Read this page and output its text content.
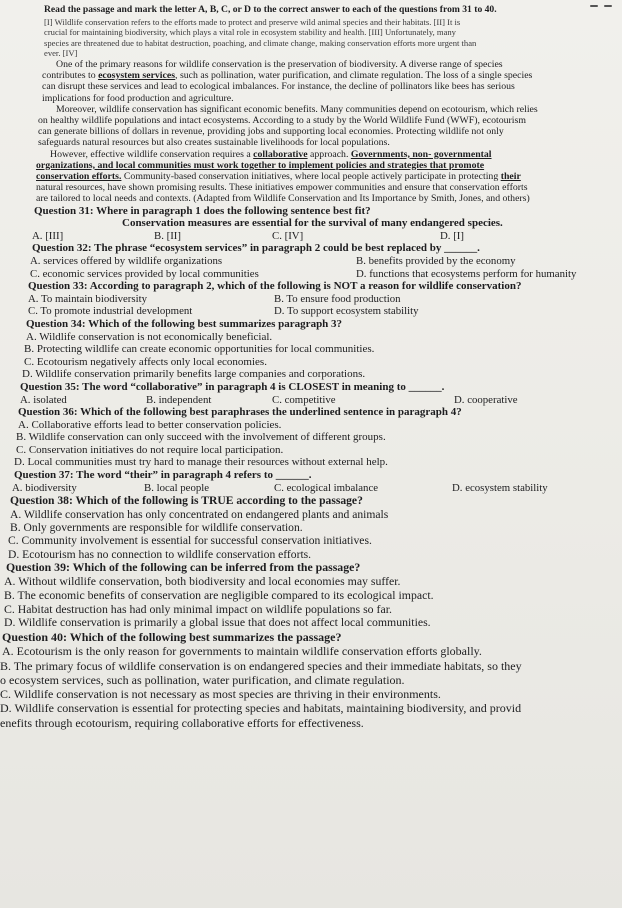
Read the passage and mark the letter A, B, C, or D to the correct answer to each of the questions from 31 to 40.
[I] Wildlife conservation refers to the efforts made to protect and preserve wild animal species and their habitats. [II] It is
crucial for maintaining biodiversity, which plays a vital role in ecosystem stability and health. [III] Unfortunately, many
species are threatened due to habitat destruction, poaching, and climate change, making conservation efforts more urgent than
ever. [IV]
One of the primary reasons for wildlife conservation is the preservation of biodiversity. A diverse range of species
contributes to ecosystem services, such as pollination, water purification, and climate regulation. The loss of a single species
can disrupt these services and lead to ecological imbalances. For instance, the decline of pollinators like bees has serious
implications for food production and agriculture.
Moreover, wildlife conservation has significant economic benefits. Many communities depend on ecotourism, which relies
on healthy wildlife populations and intact ecosystems. According to a study by the World Wildlife Fund (WWF), ecotourism
can generate billions of dollars in revenue, providing jobs and supporting local economies. Protecting wildlife not only
safeguards natural resources but also creates sustainable livelihoods for local populations.
However, effective wildlife conservation requires a collaborative approach. Governments, non- governmental
organizations, and local communities must work together to implement policies and strategies that promote
conservation efforts. Community-based conservation initiatives, where local people actively participate in protecting their
natural resources, have shown promising results. These initiatives empower communities and ensure that conservation efforts
are tailored to local needs and contexts. (Adapted from Wildlife Conservation and Its Importance by Smith, Jones, and others)
Question 31: Where in paragraph 1 does the following sentence best fit?
Conservation measures are essential for the survival of many endangered species.
A. [III]	B. [II]	C. [IV]	D. [I]
Question 32: The phrase “ecosystem services” in paragraph 2 could be best replaced by ______.
A. services offered by wildlife organizations	B. benefits provided by the economy
C. economic services provided by local communities	D. functions that ecosystems perform for humanity
Question 33: According to paragraph 2, which of the following is NOT a reason for wildlife conservation?
A. To maintain biodiversity	B. To ensure food production
C. To promote industrial development	D. To support ecosystem stability
Question 34: Which of the following best summarizes paragraph 3?
A. Wildlife conservation is not economically beneficial.
B. Protecting wildlife can create economic opportunities for local communities.
C. Ecotourism negatively affects only local economies.
D. Wildlife conservation primarily benefits large companies and corporations.
Question 35: The word “collaborative” in paragraph 4 is CLOSEST in meaning to ______.
A. isolated	B. independent	C. competitive	D. cooperative
Question 36: Which of the following best paraphrases the underlined sentence in paragraph 4?
A. Collaborative efforts lead to better conservation policies.
B. Wildlife conservation can only succeed with the involvement of different groups.
C. Conservation initiatives do not require local participation.
D. Local communities must try hard to manage their resources without external help.
Question 37: The word “their” in paragraph 4 refers to ______.
A. biodiversity	B. local people	C. ecological imbalance	D. ecosystem stability
Question 38: Which of the following is TRUE according to the passage?
A. Wildlife conservation has only concentrated on endangered plants and animals
B. Only governments are responsible for wildlife conservation.
C. Community involvement is essential for successful conservation initiatives.
D. Ecotourism has no connection to wildlife conservation efforts.
Question 39: Which of the following can be inferred from the passage?
A. Without wildlife conservation, both biodiversity and local economies may suffer.
B. The economic benefits of conservation are negligible compared to its ecological impact.
C. Habitat destruction has had only minimal impact on wildlife populations so far.
D. Wildlife conservation is primarily a global issue that does not affect local communities.
Question 40: Which of the following best summarizes the passage?
A. Ecotourism is the only reason for governments to maintain wildlife conservation efforts globally.
B. The primary focus of wildlife conservation is on endangered species and their immediate habitats, so they
o ecosystem services, such as pollination, water purification, and climate regulation.
C. Wildlife conservation is not necessary as most species are thriving in their environments.
D. Wildlife conservation is essential for protecting species and habitats, maintaining biodiversity, and provid
enefits through ecotourism, requiring collaborative efforts for effectiveness.
